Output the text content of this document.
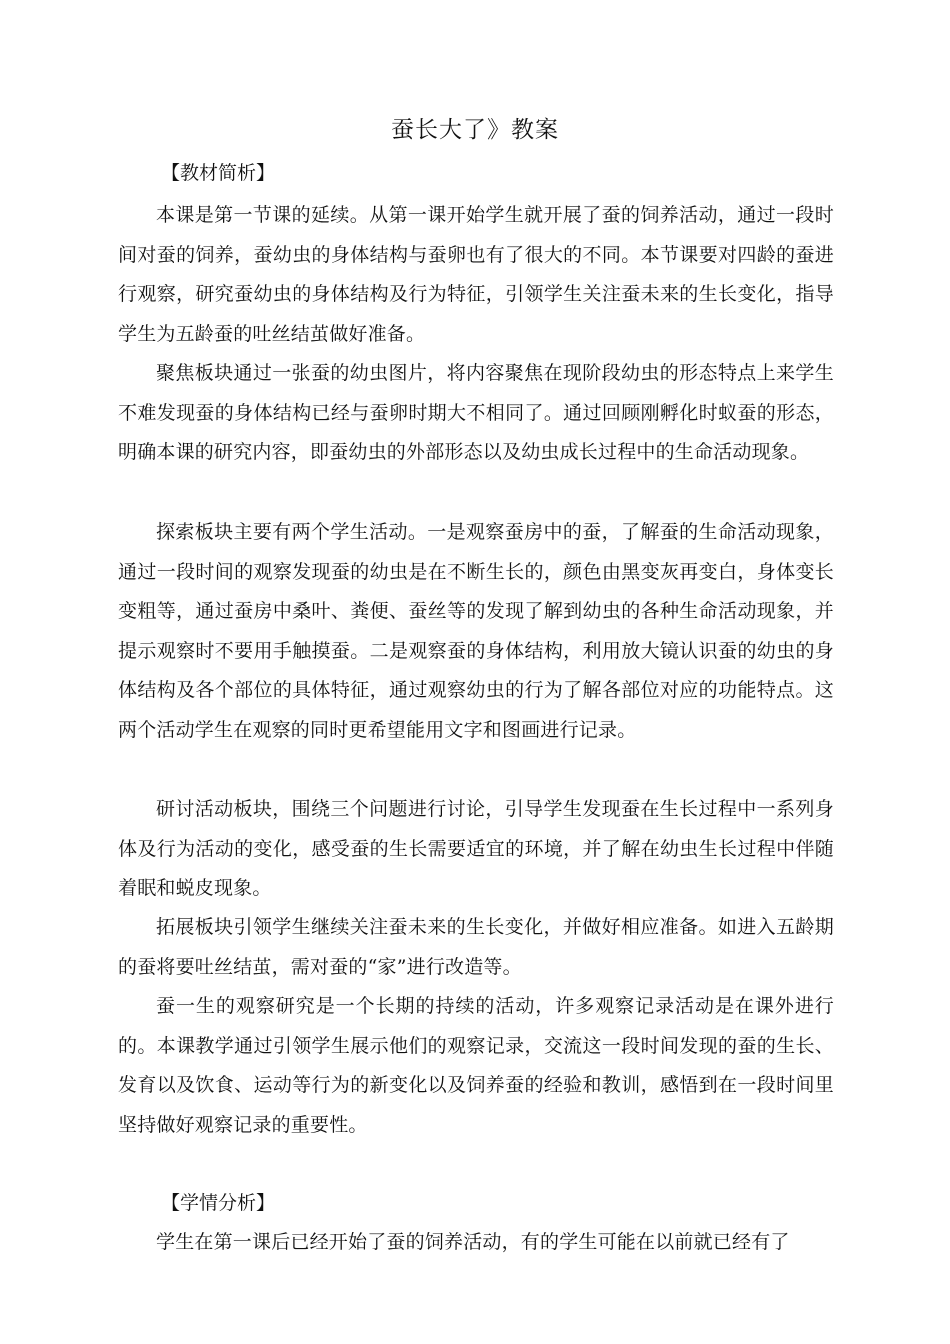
蚕长大了》教案
【教材简析】

本课是第一节课的延续。从第一课开始学生就开展了蚕的饲养活动，通过一段时间对蚕的饲养，蚕幼虫的身体结构与蚕卵也有了很大的不同。本节课要对四龄的蚕进行观察，研究蚕幼虫的身体结构及行为特征，引领学生关注蚕未来的生长变化，指导学生为五龄蚕的吐丝结茧做好准备。

聚焦板块通过一张蚕的幼虫图片，将内容聚焦在现阶段幼虫的形态特点上来学生不难发现蚕的身体结构已经与蚕卵时期大不相同了。通过回顾刚孵化时蚁蚕的形态，明确本课的研究内容，即蚕幼虫的外部形态以及幼虫成长过程中的生命活动现象。

探索板块主要有两个学生活动。一是观察蚕房中的蚕，了解蚕的生命活动现象，通过一段时间的观察发现蚕的幼虫是在不断生长的，颜色由黑变灰再变白，身体变长变粗等，通过蚕房中桑叶、粪便、蚕丝等的发现了解到幼虫的各种生命活动现象，并提示观察时不要用手触摸蚕。二是观察蚕的身体结构，利用放大镜认识蚕的幼虫的身体结构及各个部位的具体特征，通过观察幼虫的行为了解各部位对应的功能特点。这两个活动学生在观察的同时更希望能用文字和图画进行记录。

研讨活动板块，围绕三个问题进行讨论，引导学生发现蚕在生长过程中一系列身体及行为活动的变化，感受蚕的生长需要适宜的环境，并了解在幼虫生长过程中伴随着眠和蜕皮现象。

拓展板块引领学生继续关注蚕未来的生长变化，并做好相应准备。如进入五龄期的蚕将要吐丝结茧，需对蚕的“家”进行改造等。

蚕一生的观察研究是一个长期的持续的活动，许多观察记录活动是在课外进行的。本课教学通过引领学生展示他们的观察记录，交流这一段时间发现的蚕的生长、发育以及饮食、运动等行为的新变化以及饲养蚕的经验和教训，感悟到在一段时间里坚持做好观察记录的重要性。

【学情分析】

学生在第一课后已经开始了蚕的饲养活动，有的学生可能在以前就已经有了
